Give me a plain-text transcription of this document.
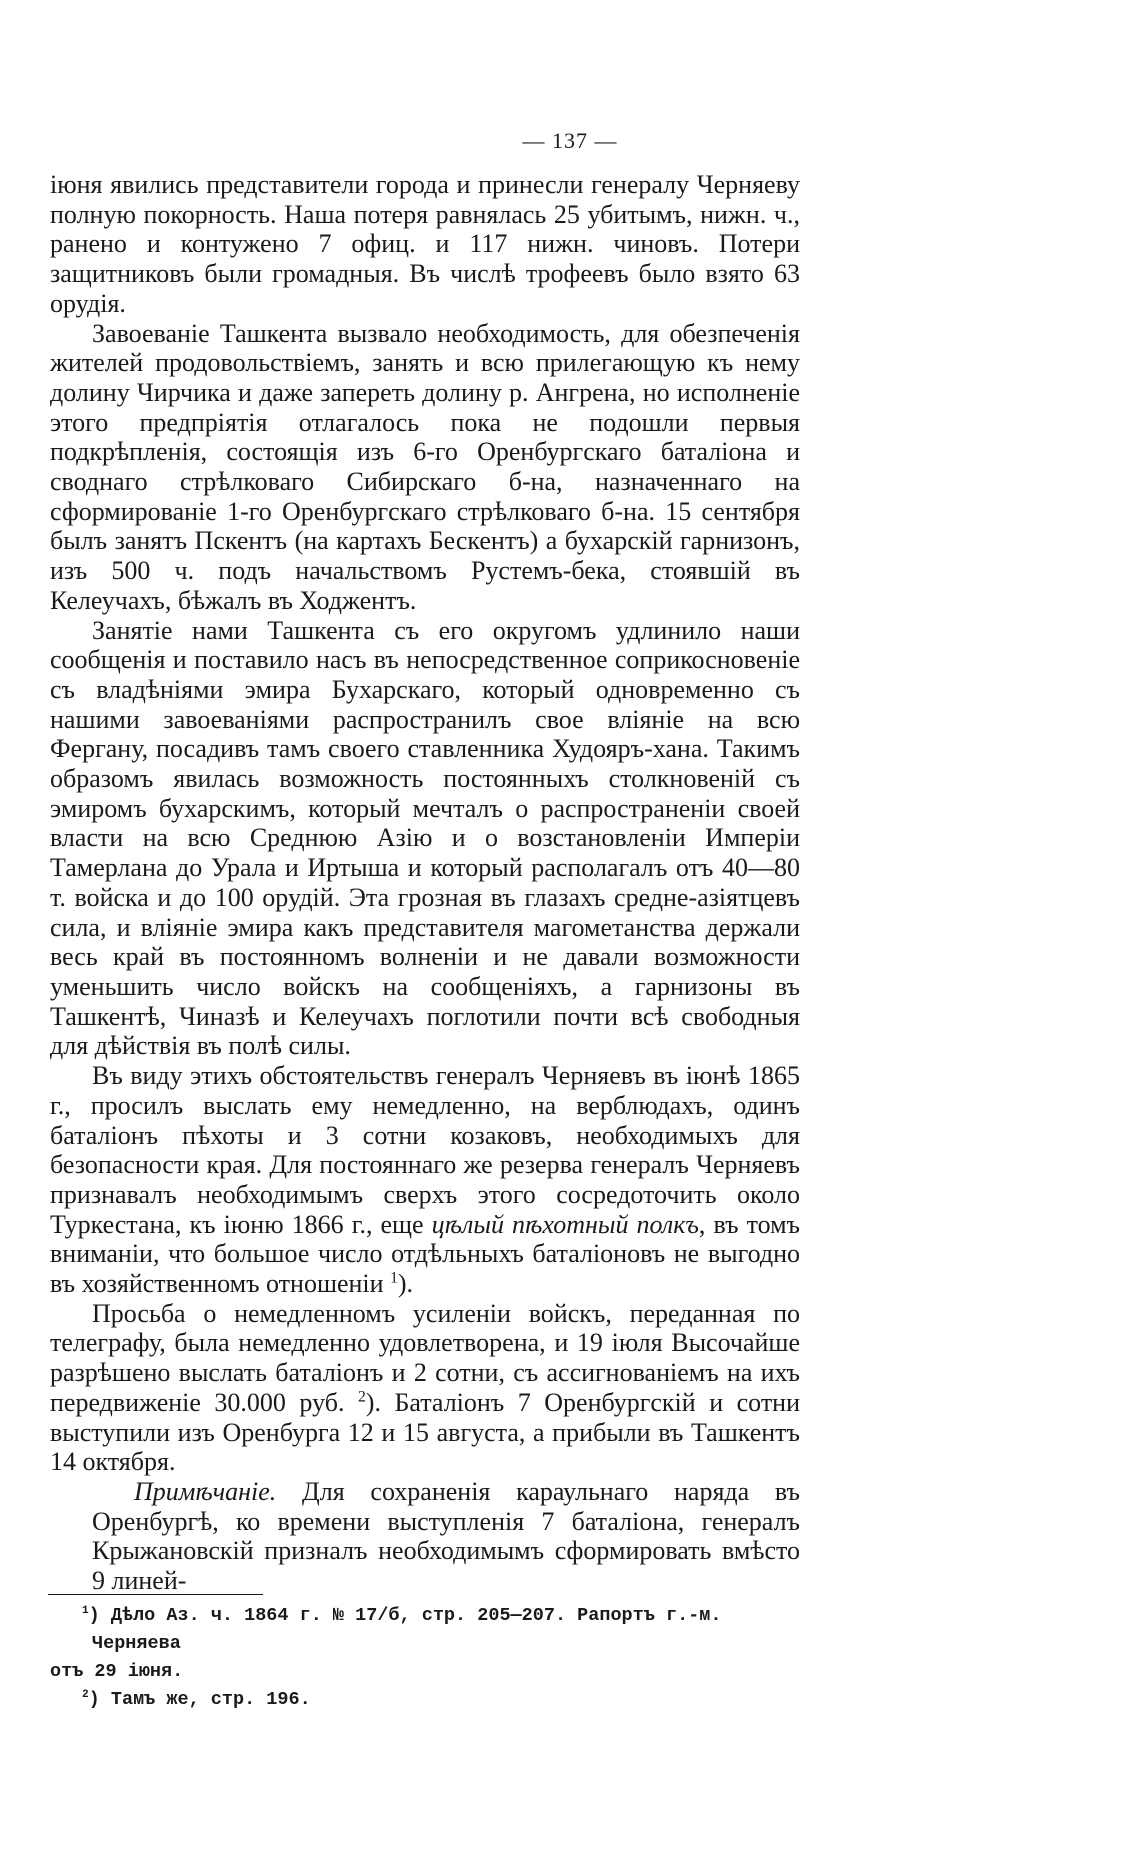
— 137 —

іюня явились представители города и принесли генералу Черняеву полную покорность. Наша потеря равнялась 25 убитымъ, нижн. ч., ранено и контужено 7 офиц. и 117 нижн. чиновъ. Потери защитниковъ были громадныя. Въ числѣ трофеевъ было взято 63 орудія.

Завоеваніе Ташкента вызвало необходимость, для обезпеченія жителей продовольствіемъ, занять и всю прилегающую къ нему долину Чирчика и даже запереть долину р. Ангрена, но исполненіе этого предпріятія отлагалось пока не подошли первыя подкрѣпленія, состоящія изъ 6-го Оренбургскаго баталіона и своднаго стрѣлковаго Сибирскаго б-на, назначеннаго на сформированіе 1-го Оренбургскаго стрѣлковаго б-на. 15 сентября былъ занятъ Пскентъ (на картахъ Бескентъ) а бухарскій гарнизонъ, изъ 500 ч. подъ начальствомъ Рустемъ-бека, стоявшій въ Келеучахъ, бѣжалъ въ Ходжентъ.

Занятіе нами Ташкента съ его округомъ удлинило наши сообщенія и поставило насъ въ непосредственное соприкосновеніе съ владѣніями эмира Бухарскаго, который одновременно съ нашими завоеваніями распространилъ свое вліяніе на всю Фергану, посадивъ тамъ своего ставленника Худояръ-хана. Такимъ образомъ явилась возможность постоянныхъ столкновеній съ эмиромъ бухарскимъ, который мечталъ о распространеніи своей власти на всю Среднюю Азію и о возстановленіи Имперіи Тамерлана до Урала и Иртыша и который располагалъ отъ 40—80 т. войска и до 100 орудій. Эта грозная въ глазахъ средне-азіятцевъ сила, и вліяніе эмира какъ представителя магометанства держали весь край въ постоянномъ волненіи и не давали возможности уменьшить число войскъ на сообщеніяхъ, а гарнизоны въ Ташкентѣ, Чиназѣ и Келеучахъ поглотили почти всѣ свободныя для дѣйствія въ полѣ силы.

Въ виду этихъ обстоятельствъ генералъ Черняевъ въ іюнѣ 1865 г., просилъ выслать ему немедленно, на верблюдахъ, одинъ баталіонъ пѣхоты и 3 сотни козаковъ, необходимыхъ для безопасности края. Для постояннаго же резерва генералъ Черняевъ признавалъ необходимымъ сверхъ этого сосредоточить около Туркестана, къ іюню 1866 г., еще цѣлый пѣхотный полкъ, въ томъ вниманіи, что большое число отдѣльныхъ баталіоновъ не выгодно въ хозяйственномъ отношеніи $^1$).

Просьба о немедленномъ усиленіи войскъ, переданная по телеграфу, была немедленно удовлетворена, и 19 іюля Высочайше разрѣшено выслать баталіонъ и 2 сотни, съ ассигнованіемъ на ихъ передвиженіе 30.000 руб. $^2$). Баталіонъ 7 Оренбургскій и сотни выступили изъ Оренбурга 12 и 15 августа, а прибыли въ Ташкентъ 14 октября.

Примѣчаніе. Для сохраненія караульнаго наряда въ Оренбургѣ, ко времени выступленія 7 баталіона, генералъ Крыжановскій призналъ необходимымъ сформировать вмѣсто 9 линей-

$^1$) Дѣло Аз. ч. 1864 г. № 17/б, стр. 205—207. Рапортъ г.-м. Черняева
отъ 29 іюня.

$^2$) Тамъ же, стр. 196.
